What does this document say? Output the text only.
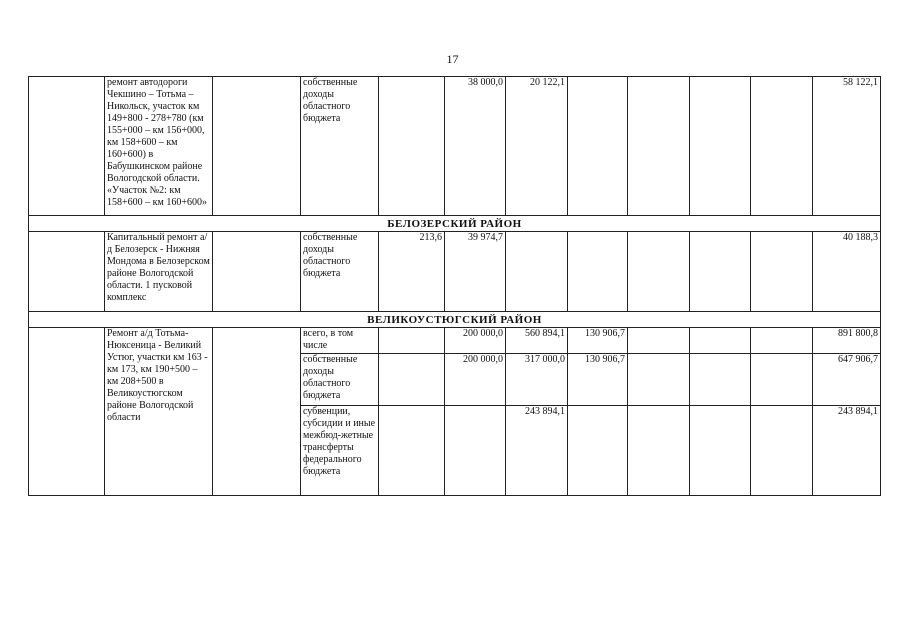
17
	ремонт автодороги Чекшино – Тотьма – Никольск, участок км 149+800 - 278+780 (км 155+000 – км 156+000, км 158+600 – км 160+600) в Бабушкинском районе Вологодской области. «Участок №2: км 158+600 – км 160+600»		собственные доходы областного бюджета		38 000,0	20 122,1					58 122,1
БЕЛОЗЕРСКИЙ РАЙОН											
	Капитальный ремонт а/д Белозерск - Нижняя Мондома в Белозерском районе Вологодской области. 1 пусковой комплекс		собственные доходы областного бюджета	213,6	39 974,7						40 188,3
ВЕЛИКОУСТЮГСКИЙ РАЙОН											
	Ремонт а/д Тотьма-Нюксеница - Великий Устюг, участки км 163 - км 173, км 190+500 – км 208+500 в Великоустюгском районе Вологодской области		всего, в том числе		200 000,0	560 894,1	130 906,7				891 800,8
			собственные доходы областного бюджета		200 000,0	317 000,0	130 906,7				647 906,7
			субвенции, субсидии и иные межбюд-жетные трансферты федерального бюджета			243 894,1					243 894,1
